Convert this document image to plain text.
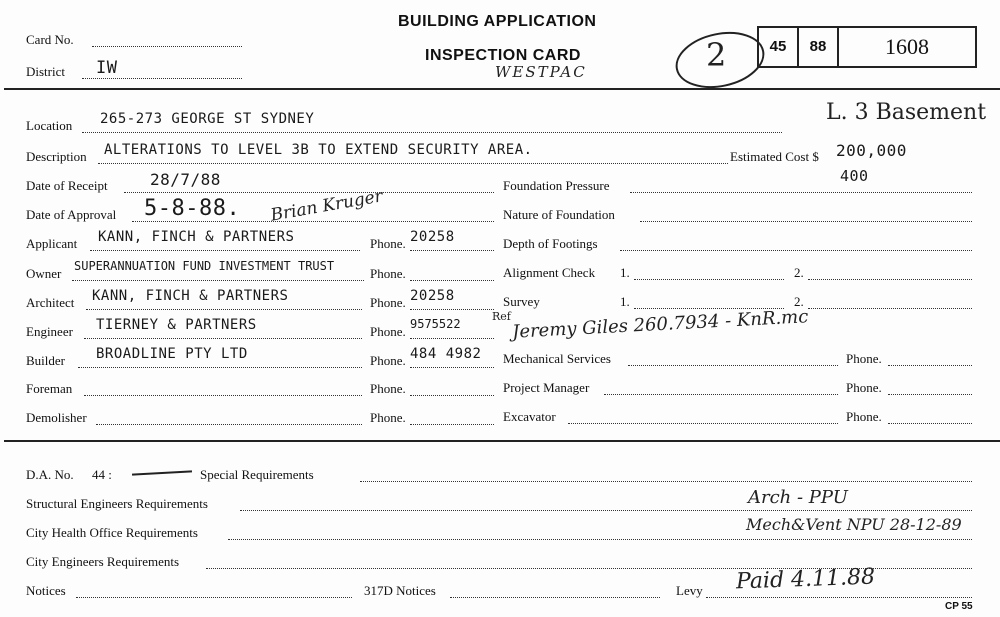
Card No.
District IW
BUILDING APPLICATION
INSPECTION CARD
WESTPAC	2	45	88	1608
L. 3 Basement
Location 265-273 GEORGE ST SYDNEY
Description ALTERATIONS TO LEVEL 3B TO EXTEND SECURITY AREA.
Date of Receipt	28/7/88
Date of Approval 5-8-88. Brian Kruger
Applicant KANN, FINCH & PARTNERS	Phone. 20258
Owner SUPERANNUATION FUND INVESTMENT TRUST	Phone.
Architect KANN, FINCH & PARTNERS	Phone. 20258
Engineer TIERNEY & PARTNERS	Phone. 9575522
Builder BROADLINE PTY LTD	Phone. 484 4982
Foreman	Phone.
Demolisher	Phone.
Estimated Cost $ 200,000
Foundation Pressure
400
Nature of Foundation
Depth of Footings
Alignment Check 1.	2.
Survey	1.	2.
Ref Jeremy Giles 260.7934 - KnR.mc
Mechanical Services	Phone.
Project Manager	Phone.
Excavator	Phone.
D.A. No. 44 :	Special Requirements
Structural Engineers Requirements	Arch - PPU
City Health Office Requirements	Mech&Vent NPU 28-12-89
City Engineers Requirements
Notices	317D Notices	Levy Paid 4.11.88
CP 55
